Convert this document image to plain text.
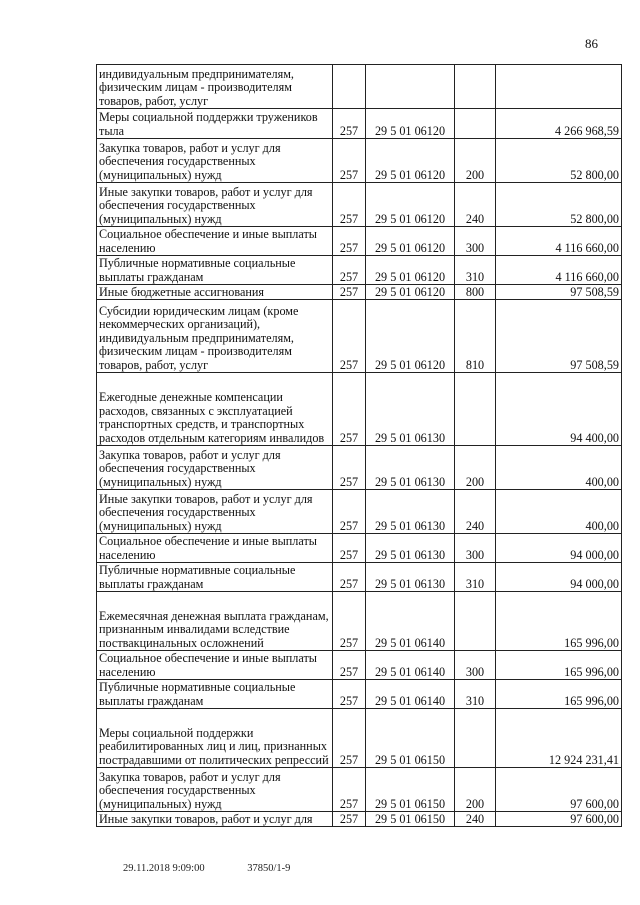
86
индивидуальным предпринимателям, физическим лицам - производителям товаров, работ, услуг				
Меры социальной поддержки тружеников тыла	257	29 5 01 06120		4 266 968,59
Закупка товаров, работ и услуг для обеспечения государственных (муниципальных) нужд	257	29 5 01 06120	200	52 800,00
Иные закупки товаров, работ и услуг для обеспечения государственных (муниципальных) нужд	257	29 5 01 06120	240	52 800,00
Социальное обеспечение и иные выплаты населению	257	29 5 01 06120	300	4 116 660,00
Публичные нормативные социальные выплаты гражданам	257	29 5 01 06120	310	4 116 660,00
Иные бюджетные ассигнования	257	29 5 01 06120	800	97 508,59
Субсидии юридическим лицам (кроме некоммерческих организаций), индивидуальным предпринимателям, физическим лицам - производителям товаров, работ, услуг	257	29 5 01 06120	810	97 508,59
Ежегодные денежные компенсации расходов, связанных с эксплуатацией транспортных средств, и транспортных расходов отдельным категориям инвалидов	257	29 5 01 06130		94 400,00
Закупка товаров, работ и услуг для обеспечения государственных (муниципальных) нужд	257	29 5 01 06130	200	400,00
Иные закупки товаров, работ и услуг для обеспечения государственных (муниципальных) нужд	257	29 5 01 06130	240	400,00
Социальное обеспечение и иные выплаты населению	257	29 5 01 06130	300	94 000,00
Публичные нормативные социальные выплаты гражданам	257	29 5 01 06130	310	94 000,00
Ежемесячная денежная выплата гражданам, признанным инвалидами вследствие поствакцинальных осложнений	257	29 5 01 06140		165 996,00
Социальное обеспечение и иные выплаты населению	257	29 5 01 06140	300	165 996,00
Публичные нормативные социальные выплаты гражданам	257	29 5 01 06140	310	165 996,00
Меры социальной поддержки реабилитированных лиц и лиц, признанных пострадавшими от политических репрессий	257	29 5 01 06150		12 924 231,41
Закупка товаров, работ и услуг для обеспечения государственных (муниципальных) нужд	257	29 5 01 06150	200	97 600,00
Иные закупки товаров, работ и услуг для	257	29 5 01 06150	240	97 600,00
29.11.2018 9:09:00	37850/1-9
